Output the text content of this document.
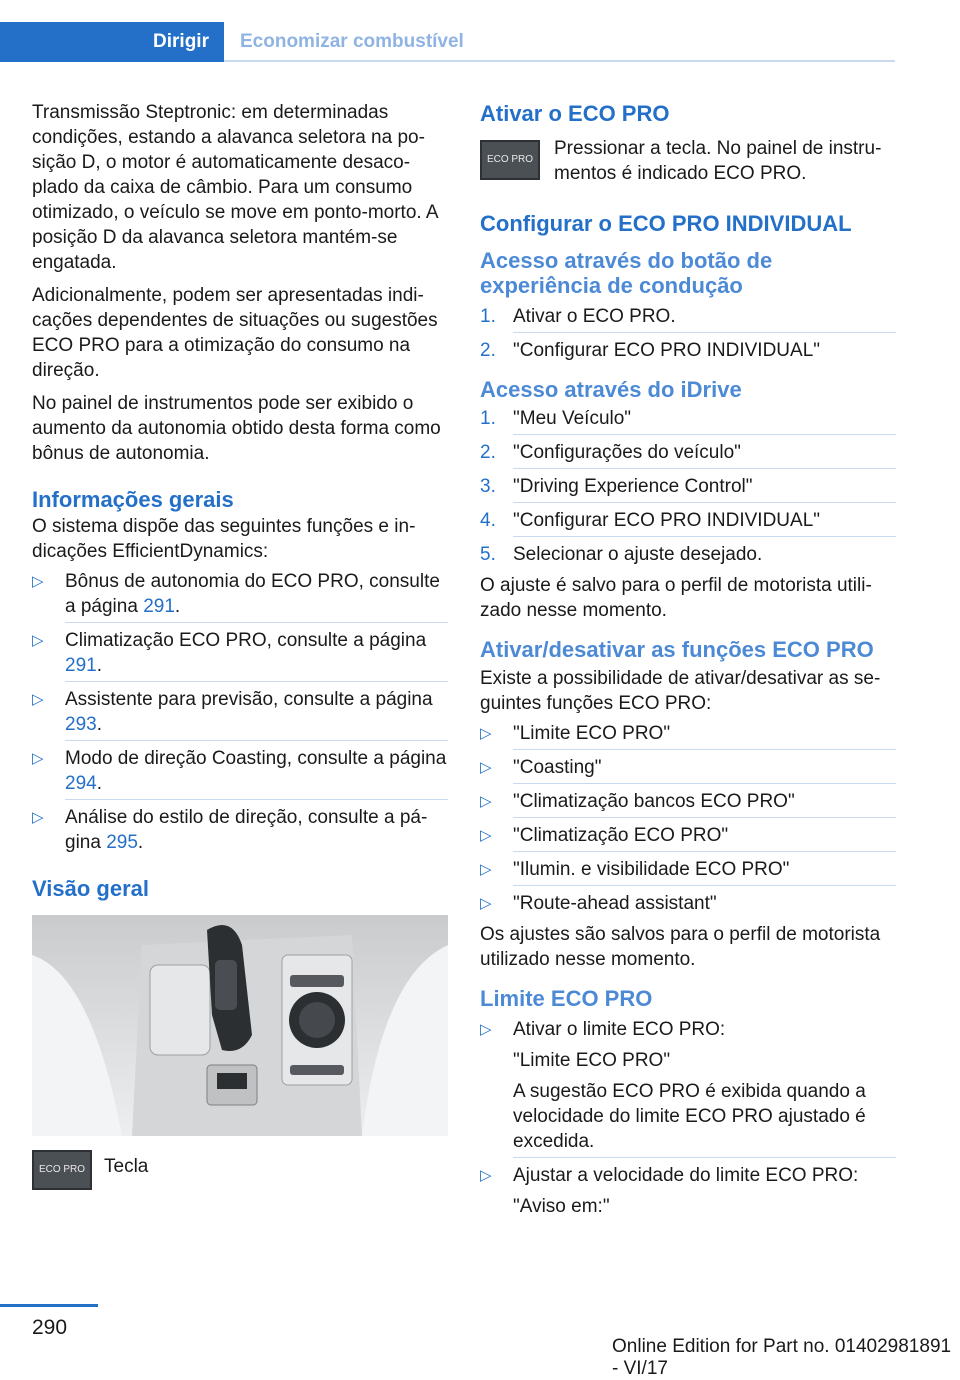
Dirigir	Economizar combustível

Transmissão Steptronic: em determinadas condições, estando a alavanca seletora na posição D, o motor é automaticamente desacoplado da caixa de câmbio. Para um consumo otimizado, o veículo se move em ponto-morto. A posição D da alavanca seletora mantém-se engatada.

Adicionalmente, podem ser apresentadas indicações dependentes de situações ou sugestões ECO PRO para a otimização do consumo na direção.

No painel de instrumentos pode ser exibido o aumento da autonomia obtido desta forma como bônus de autonomia.

Informações gerais

O sistema dispõe das seguintes funções e indicações EfficientDynamics:

▷ Bônus de autonomia do ECO PRO, consulte a página 291.
▷ Climatização ECO PRO, consulte a página 291.
▷ Assistente para previsão, consulte a página 293.
▷ Modo de direção Coasting, consulte a página 294.
▷ Análise do estilo de direção, consulte a página 295.
Visão geral
ECO PRO Tecla
Ativar o ECO PRO
ECO PRO
Pressionar a tecla. No painel de instrumentos é indicado ECO PRO.
Configurar o ECO PRO INDIVIDUAL
Acesso através do botão de experiência de condução
1. Ativar o ECO PRO.
2. "Configurar ECO PRO INDIVIDUAL"
Acesso através do iDrive
1. "Meu Veículo"
2. "Configurações do veículo"
3. "Driving Experience Control"
4. "Configurar ECO PRO INDIVIDUAL"
5. Selecionar o ajuste desejado.

O ajuste é salvo para o perfil de motorista utilizado nesse momento.

Ativar/desativar as funções ECO PRO

Existe a possibilidade de ativar/desativar as seguintes funções ECO PRO:

▷ "Limite ECO PRO"
▷ "Coasting"
▷ "Climatização bancos ECO PRO"
▷ "Climatização ECO PRO"
▷ "Ilumin. e visibilidade ECO PRO"
▷ "Route-ahead assistant"

Os ajustes são salvos para o perfil de motorista utilizado nesse momento.

Limite ECO PRO
▷ Ativar o limite ECO PRO:
"Limite ECO PRO"
A sugestão ECO PRO é exibida quando a velocidade do limite ECO PRO ajustado é excedida.
▷ Ajustar a velocidade do limite ECO PRO:
"Aviso em:"
290
Online Edition for Part no. 01402981891 - VI/17
